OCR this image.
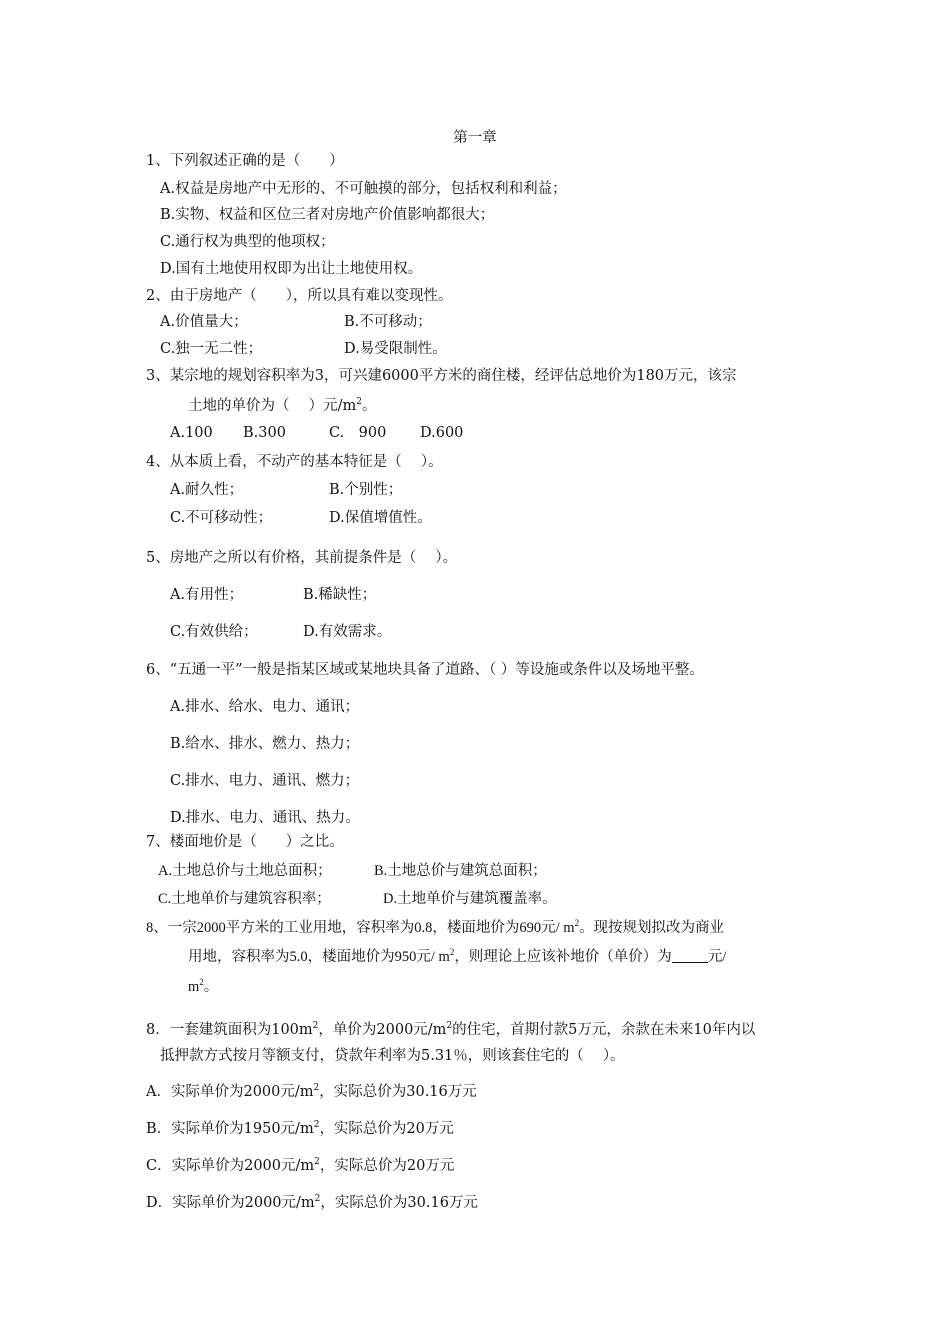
第一章
1、下列叙述正确的是（　　）
A.权益是房地产中无形的、不可触摸的部分，包括权利和利益；
B.实物、权益和区位三者对房地产价值影响都很大；
C.通行权为典型的他项权；
D.国有土地使用权即为出让土地使用权。
2、由于房地产（　　），所以具有难以变现性。
A.价值量大；	B.不可移动；
C.独一无二性；	D.易受限制性。
3、某宗地的规划容积率为3，可兴建6000平方米的商住楼，经评估总地价为180万元，该宗
土地的单价为（　 ）元$/m^2$。
A.100 B.300	C.　900 D.600
4、从本质上看，不动产的基本特征是（　 ）。
A.耐久性；	B.个别性；
C.不可移动性；	D.保值增值性。
5、房地产之所以有价格，其前提条件是（　 ）。
A.有用性；	B.稀缺性；
C.有效供给；	D.有效需求。
6、“五通一平”一般是指某区域或某地块具备了道路、（ ）等设施或条件以及场地平整。
A.排水、给水、电力、通讯；
B.给水、排水、燃力、热力；
C.排水、电力、通讯、燃力；
D.排水、电力、通讯、热力。
7、楼面地价是（　　）之比。
A.土地总价与土地总面积；	B.土地总价与建筑总面积；
C.土地单价与建筑容积率；	D.土地单价与建筑覆盖率。
8、一宗2000平方米的工业用地，容积率为0.8，楼面地价为690元/ $m^2$。现按规划拟改为商业
用地，容积率为5.0，楼面地价为950元/ $m^2$，则理论上应该补地价（单价）为 元/
$m^2$。
8．一套建筑面积为$100m^2$，单价为2000元$/m^2$的住宅，首期付款5万元，余款在未来10年内以
抵押款方式按月等额支付，贷款年利率为5.31％，则该套住宅的（　 ）。
A．实际单价为2000元$/m^2$，实际总价为30.16万元
B．实际单价为1950元$/m^2$，实际总价为20万元
C．实际单价为2000元$/m^2$，实际总价为20万元
D．实际单价为2000元$/m^2$，实际总价为30.16万元
